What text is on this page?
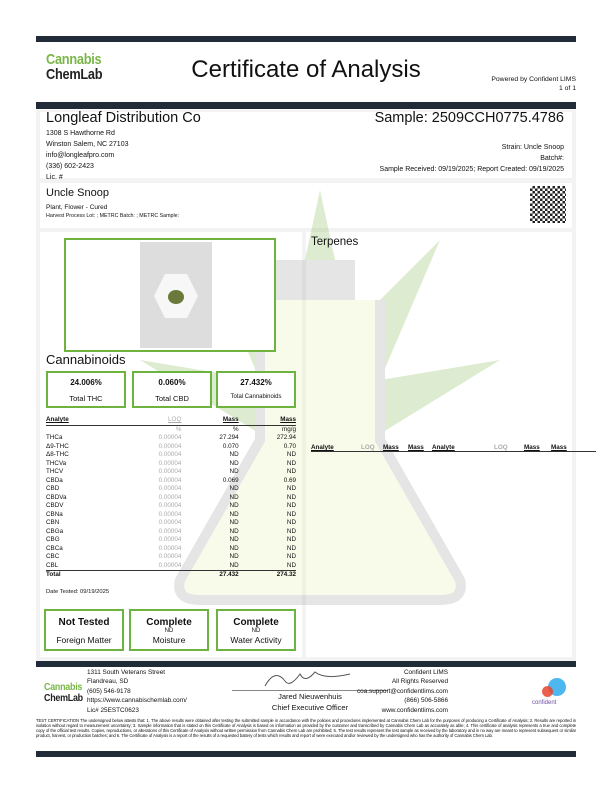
Cannabis
ChemLab	Certificate of Analysis	Powered by Confident LIMS
1 of 1
Longleaf Distribution Co
1308 S Hawthorne Rd
Winston Salem, NC 27103
info@longleafpro.com
(336) 602-2423
Lic. #
Sample: 2509CCH0775.4786
Strain: Uncle Snoop
Batch#:
Sample Received: 09/19/2025; Report Created: 09/19/2025
Uncle Snoop
Plant, Flower - Cured
Harvest Process Lot: ; METRC Batch: ; METRC Sample:
Terpenes
Analyte	LOQ	Mass	Mass	Analyte	LOQ	Mass	Mass
Cannabinoids
24.006%
Total THC
0.060%
Total CBD
27.432%
Total Cannabinoids
Analyte	LOQ	Mass	Mass
	%	%	mg/g
THCa	0.00004	27.294	272.94
Δ9-THC	0.00004	0.070	0.70
Δ8-THC	0.00004	ND	ND
THCVa	0.00004	ND	ND
THCV	0.00004	ND	ND
CBDa	0.00004	0.069	0.69
CBD	0.00004	ND	ND
CBDVa	0.00004	ND	ND
CBDV	0.00004	ND	ND
CBNa	0.00004	ND	ND
CBN	0.00004	ND	ND
CBGa	0.00004	ND	ND
CBG	0.00004	ND	ND
CBCa	0.00004	ND	ND
CBC	0.00004	ND	ND
CBL	0.00004	ND	ND
Total		27.432	274.32
Date Tested: 09/19/2025
Not Tested
Foreign Matter
Complete
ND
Moisture
Complete
ND
Water Activity
Cannabis
ChemLab
1311 South Veterans Street
Flandreau, SD
(605) 546-9178
https://www.cannabischemlab.com/
Lic# 25ESTC0623
Jared Nieuwenhuis
Chief Executive Officer
Confident LIMS
All Rights Reserved
coa.support@confidentlims.com
(866) 506-5866
www.confidentlims.com
confident
TEST CERTIFICATION The undersigned below attests that: 1. The above results were obtained after testing the submitted sample in accordance with the policies and procedures implemented at Cannabis Chem Lab for the purposes of producing a Certificate of Analysis; 2. Results are reported in isolation without regard to measurement uncertainty; 3. Sample information that is stated on this Certificate of Analysis is based on information as provided by the customer and transcribed by Cannabis Chem Lab as accurately as able; 4. This certificate of analysis represents a true and complete copy of the official test results. Copies, reproductions, or alterations of this Certificate of Analysis without written permission from Cannabis Chem Lab are prohibited; 5. The test results represent the test sample as received by the laboratory and in no way are meant to represent subsequent or similar product, harvest, or production batches; and 6. The Certificate of Analysis is a report of the results of a requested battery of tests which results and report of were executed and/or reviewed by the undersigned who has the authority of Cannabis Chem Lab.
